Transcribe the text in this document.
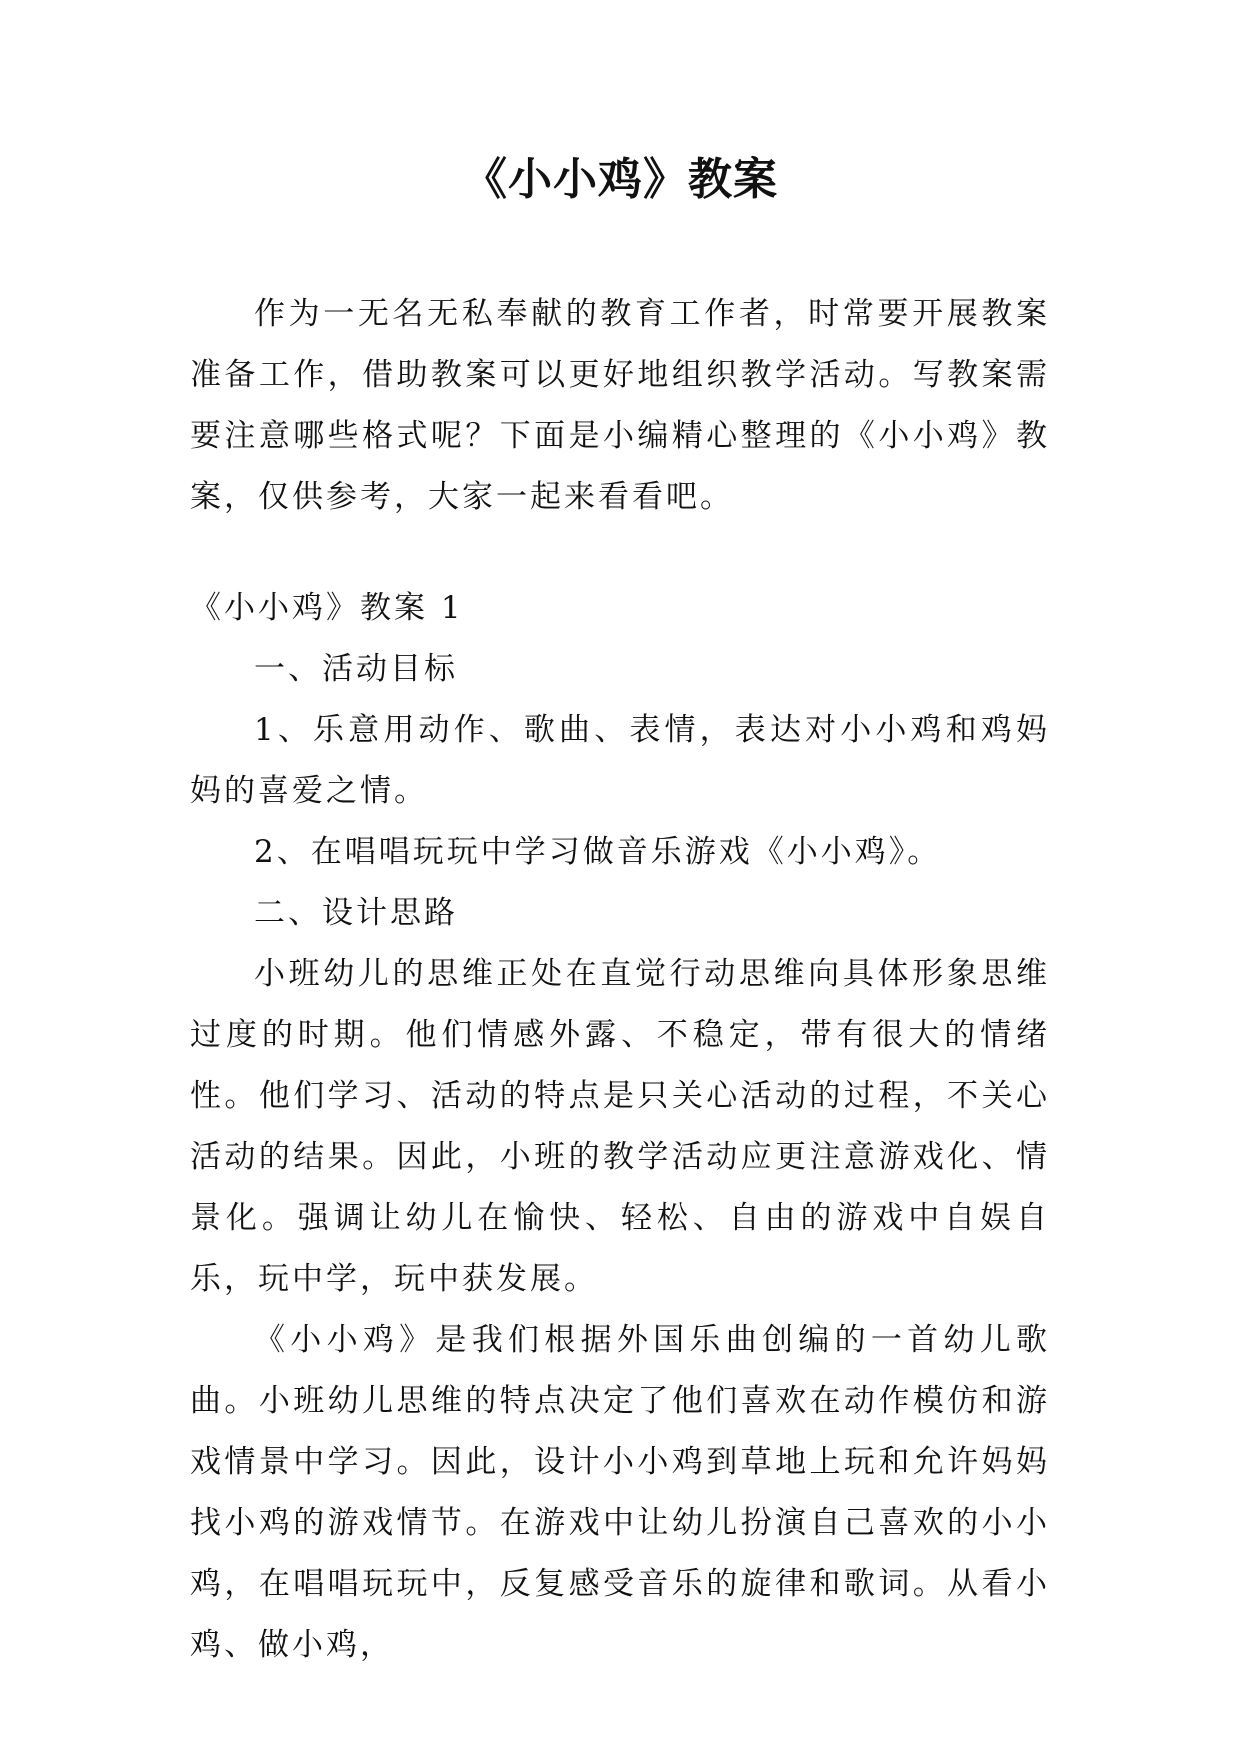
《小小鸡》教案

作为一无名无私奉献的教育工作者，时常要开展教案准备工作，借助教案可以更好地组织教学活动。写教案需要注意哪些格式呢？下面是小编精心整理的《小小鸡》教案，仅供参考，大家一起来看看吧。

《小小鸡》教案 1

一、活动目标

1、乐意用动作、歌曲、表情，表达对小小鸡和鸡妈妈的喜爱之情。

2、在唱唱玩玩中学习做音乐游戏《小小鸡》。

二、设计思路

小班幼儿的思维正处在直觉行动思维向具体形象思维过度的时期。他们情感外露、不稳定，带有很大的情绪性。他们学习、活动的特点是只关心活动的过程，不关心活动的结果。因此，小班的教学活动应更注意游戏化、情景化。强调让幼儿在愉快、轻松、自由的游戏中自娱自乐，玩中学，玩中获发展。

《小小鸡》是我们根据外国乐曲创编的一首幼儿歌曲。小班幼儿思维的特点决定了他们喜欢在动作模仿和游戏情景中学习。因此，设计小小鸡到草地上玩和允许妈妈找小鸡的游戏情节。在游戏中让幼儿扮演自己喜欢的小小鸡，在唱唱玩玩中，反复感受音乐的旋律和歌词。从看小鸡、做小鸡，
